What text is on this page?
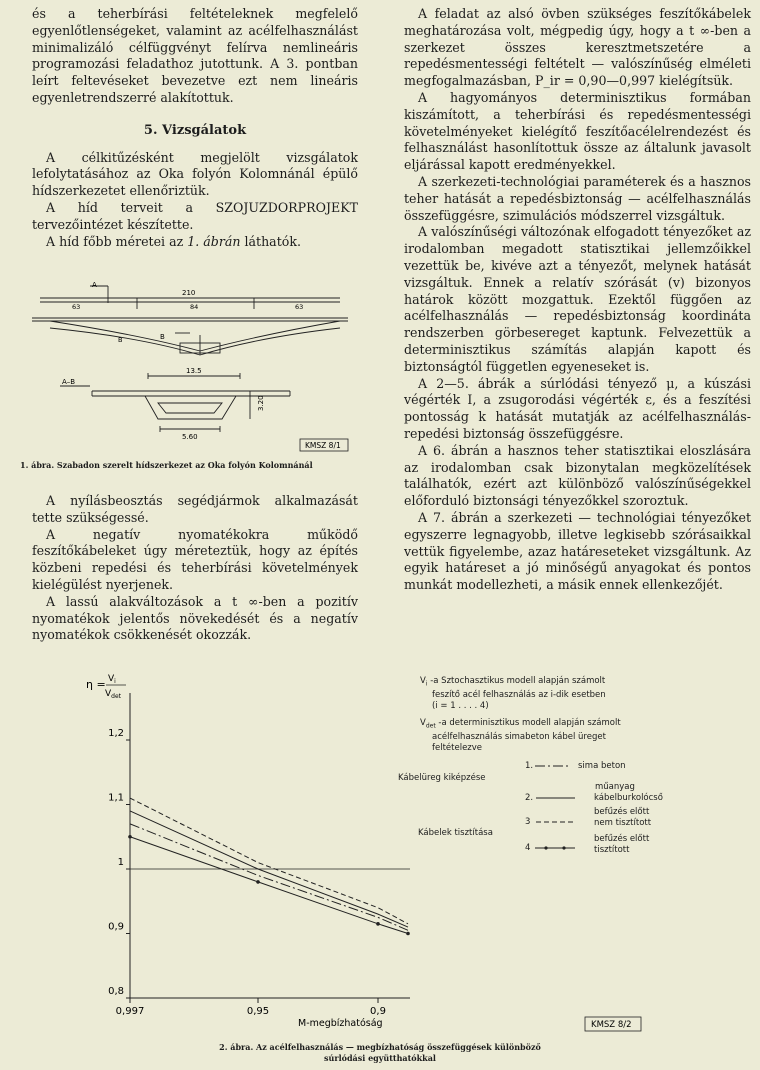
és a teherbírási feltételeknek megfelelő egyenlőtlenségeket, valamint az acélfelhasználást minimalizáló célfüggvényt felírva nemlineáris programozási feladathoz jutottunk. A 3. pontban leírt feltevéseket bevezetve ezt nem lineáris egyenletrendszerré alakítottuk.

5. Vizsgálatok

A célkitűzésként megjelölt vizsgálatok lefolytatásához az Oka folyón Kolomnánál épülő hídszerkezetet ellenőriztük.

A híd terveit a SZOJUZDORPROJEKT tervezőintézet készítette.

A híd főbb méretei az 1. ábrán láthatók.

A
210
63	84	63
B	B
A–B
13.5
5.60
3.20
KMSZ 8/1
1. ábra. Szabadon szerelt hídszerkezet az Oka folyón Kolomnánál

A nyílásbeosztás segédjármok alkalmazását tette szükségessé.

A negatív nyomatékokra működő feszítőkábeleket úgy méreteztük, hogy az építés közbeni repedési és teherbírási követelmények kielégülést nyerjenek.

A lassú alakváltozások a t ∞-ben a pozitív nyomatékok jelentős növekedését és a negatív nyomatékok csökkenését okozzák.

A feladat az alsó övben szükséges feszítőkábelek meghatározása volt, mégpedig úgy, hogy a t ∞-ben a szerkezet összes keresztmetszetére a repedésmentességi feltételt — valószínűség elméleti megfogalmazásban, P_ir = 0,90—0,997 kielégítsük.

A hagyományos determinisztikus formában kiszámított, a teherbírási és repedésmentességi követelményeket kielégítő feszítőacélelrendezést és felhasználást hasonlítottuk össze az általunk javasolt eljárással kapott eredményekkel.

A szerkezeti-technológiai paraméterek és a hasznos teher hatását a repedésbiztonság — acélfelhasználás összefüggésre, szimulációs módszerrel vizsgáltuk.

A valószínűségi változónak elfogadott tényezőket az irodalomban megadott statisztikai jellemzőikkel vezettük be, kivéve azt a tényezőt, melynek hatását vizsgáltuk. Ennek a relatív szórását (v) bizonyos határok között mozgattuk. Ezektől függően az acélfelhasználás — repedésbiztonság koordináta rendszerben görbesereget kaptunk. Felvezettük a determinisztikus számítás alapján kapott és biztonságtól független egyeneseket is.

A 2—5. ábrák a súrlódási tényező μ, a kúszási végérték I, a zsugorodási végérték ε, és a feszítési pontosság k hatását mutatják az acélfelhasználás-repedési biztonság összefüggésre.

A 6. ábrán a hasznos teher statisztikai eloszlására az irodalomban csak bizonytalan megközelítések találhatók, ezért azt különböző valószínűségekkel előforduló biztonsági tényezőkkel szoroztuk.

A 7. ábrán a szerkezeti — technológiai tényezőket egyszerre legnagyobb, illetve legkisebb szórásaikkal vettük figyelembe, azaz határeseteket vizsgáltunk. Az egyik határeset a jó minőségű anyagokat és pontos munkát modellezheti, a másik ennek ellenkezőjét.

$\eta = V_i$
$V_{det}$
1,2
1,1
1
0,9
0,8
0,997	0,95	0,9
M-megbízhatóság	KMSZ 8/2
$V_i$ -a Sztochasztikus modell alapján számolt
feszítő acél felhasználás az i-dik esetben
(i = 1 . . . . 4)
$V_{det}$ -a determinisztikus modell alapján számolt
acélfelhasználás simabeton kábel üreget
feltételezve
Kábelüreg kiképzése
Kábelek tisztítása
1.	sima beton
műanyag
2.	kábelburkolócső
befűzés előtt
3	nem tisztított
befűzés előtt
4	tisztított
2. ábra. Az acélfelhasználás — megbízhatóság összefüggések különböző
súrlódási együtthatókkal
